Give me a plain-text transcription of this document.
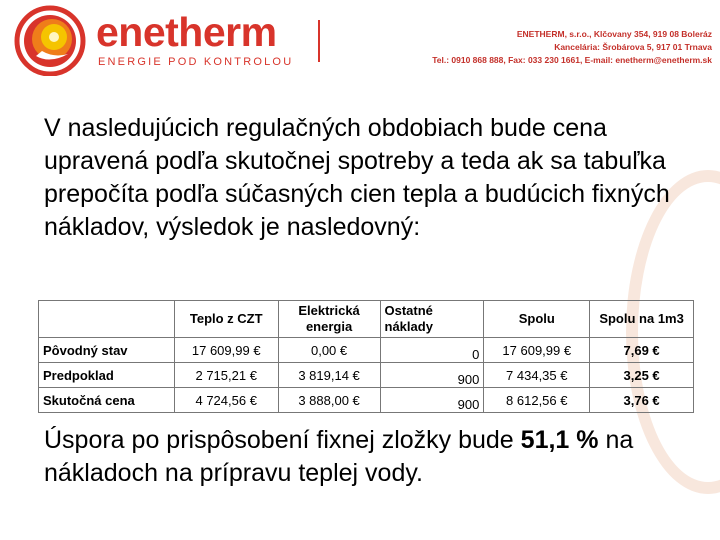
enetherm
ENERGIE POD KONTROLOU
ENETHERM, s.r.o., Klčovany 354, 919 08 Boleráz
Kancelária: Šrobárova 5, 917 01 Trnava
Tel.: 0910 868 888, Fax: 033 230 1661, E-mail: enetherm@enetherm.sk
V nasledujúcich regulačných obdobiach bude cena upravená podľa skutočnej spotreby a teda ak sa tabuľka prepočíta podľa súčasných cien tepla a budúcich fixných nákladov, výsledok je nasledovný:
	Teplo z CZT	Elektrická energia	Ostatné náklady	Spolu	Spolu na 1m3
Pôvodný stav	17 609,99 €	0,00 €	0	17 609,99 €	7,69 €
Predpoklad	2 715,21 €	3 819,14 €	900	7 434,35 €	3,25 €
Skutočná cena	4 724,56 €	3 888,00 €	900	8 612,56 €	3,76 €
Úspora po prispôsobení fixnej zložky bude 51,1 % na nákladoch na prípravu teplej vody.
